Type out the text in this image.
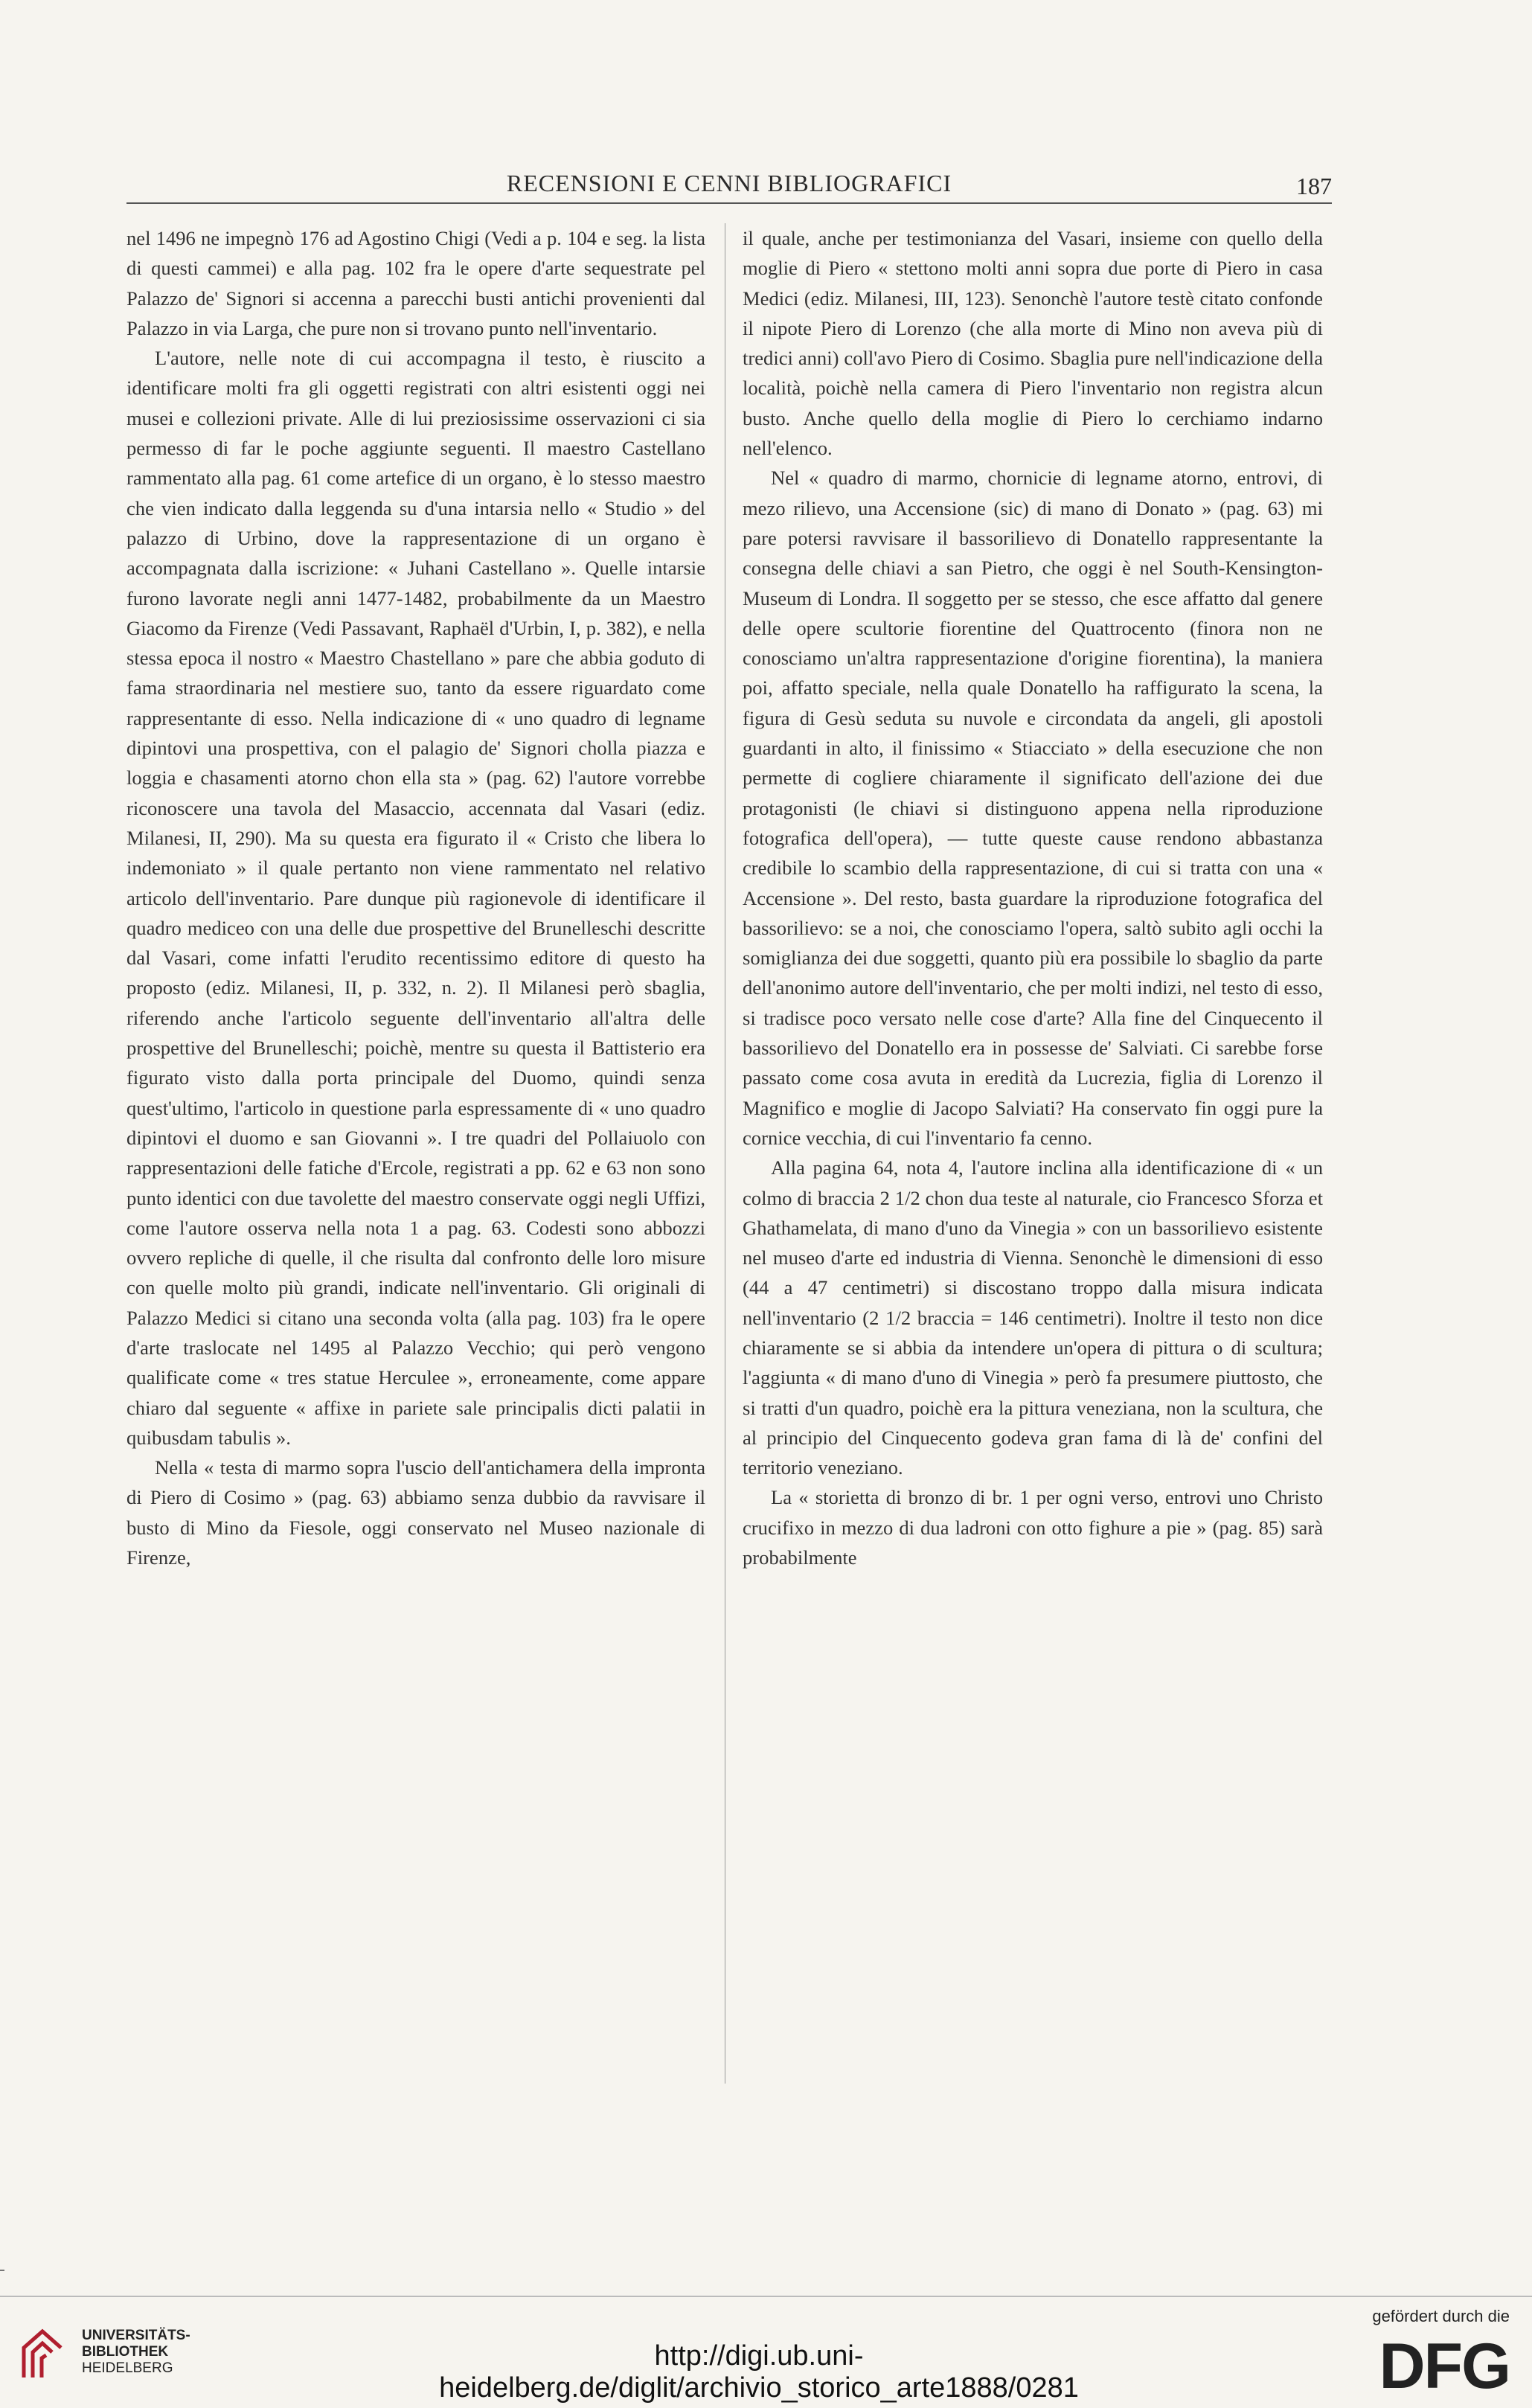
RECENSIONI E CENNI BIBLIOGRAFICI	187

nel 1496 ne impegnò 176 ad Agostino Chigi (Vedi a p. 104 e seg. la lista di questi cammei) e alla pag. 102 fra le opere d'arte sequestrate pel Palazzo de' Signori si accenna a parecchi busti antichi provenienti dal Palazzo in via Larga, che pure non si trovano punto nell'inventario.

L'autore, nelle note di cui accompagna il testo, è riuscito a identificare molti fra gli oggetti registrati con altri esistenti oggi nei musei e collezioni private. Alle di lui preziosissime osservazioni ci sia permesso di far le poche aggiunte seguenti. Il maestro Castellano rammentato alla pag. 61 come artefice di un organo, è lo stesso maestro che vien indicato dalla leggenda su d'una intarsia nello « Studio » del palazzo di Urbino, dove la rappresentazione di un organo è accompagnata dalla iscrizione: « Juhani Castellano ». Quelle intarsie furono lavorate negli anni 1477-1482, probabilmente da un Maestro Giacomo da Firenze (Vedi Passavant, Raphaël d'Urbin, I, p. 382), e nella stessa epoca il nostro « Maestro Chastellano » pare che abbia goduto di fama straordinaria nel mestiere suo, tanto da essere riguardato come rappresentante di esso. Nella indicazione di « uno quadro di legname dipintovi una prospettiva, con el palagio de' Signori cholla piazza e loggia e chasamenti atorno chon ella sta » (pag. 62) l'autore vorrebbe riconoscere una tavola del Masaccio, accennata dal Vasari (ediz. Milanesi, II, 290). Ma su questa era figurato il « Cristo che libera lo indemoniato » il quale pertanto non viene rammentato nel relativo articolo dell'inventario. Pare dunque più ragionevole di identificare il quadro mediceo con una delle due prospettive del Brunelleschi descritte dal Vasari, come infatti l'erudito recentissimo editore di questo ha proposto (ediz. Milanesi, II, p. 332, n. 2). Il Milanesi però sbaglia, riferendo anche l'articolo seguente dell'inventario all'altra delle prospettive del Brunelleschi; poichè, mentre su questa il Battisterio era figurato visto dalla porta principale del Duomo, quindi senza quest'ultimo, l'articolo in questione parla espressamente di « uno quadro dipintovi el duomo e san Giovanni ». I tre quadri del Pollaiuolo con rappresentazioni delle fatiche d'Ercole, registrati a pp. 62 e 63 non sono punto identici con due tavolette del maestro conservate oggi negli Uffizi, come l'autore osserva nella nota 1 a pag. 63. Codesti sono abbozzi ovvero repliche di quelle, il che risulta dal confronto delle loro misure con quelle molto più grandi, indicate nell'inventario. Gli originali di Palazzo Medici si citano una seconda volta (alla pag. 103) fra le opere d'arte traslocate nel 1495 al Palazzo Vecchio; qui però vengono qualificate come « tres statue Herculee », erroneamente, come appare chiaro dal seguente « affixe in pariete sale principalis dicti palatii in quibusdam tabulis ».

Nella « testa di marmo sopra l'uscio dell'antichamera della impronta di Piero di Cosimo » (pag. 63) abbiamo senza dubbio da ravvisare il busto di Mino da Fiesole, oggi conservato nel Museo nazionale di Firenze,

il quale, anche per testimonianza del Vasari, insieme con quello della moglie di Piero « stettono molti anni sopra due porte di Piero in casa Medici (ediz. Milanesi, III, 123). Senonchè l'autore testè citato confonde il nipote Piero di Lorenzo (che alla morte di Mino non aveva più di tredici anni) coll'avo Piero di Cosimo. Sbaglia pure nell'indicazione della località, poichè nella camera di Piero l'inventario non registra alcun busto. Anche quello della moglie di Piero lo cerchiamo indarno nell'elenco.

Nel « quadro di marmo, chornicie di legname atorno, entrovi, di mezo rilievo, una Accensione (sic) di mano di Donato » (pag. 63) mi pare potersi ravvisare il bassorilievo di Donatello rappresentante la consegna delle chiavi a san Pietro, che oggi è nel South-Kensington-Museum di Londra. Il soggetto per se stesso, che esce affatto dal genere delle opere scultorie fiorentine del Quattrocento (finora non ne conosciamo un'altra rappresentazione d'origine fiorentina), la maniera poi, affatto speciale, nella quale Donatello ha raffigurato la scena, la figura di Gesù seduta su nuvole e circondata da angeli, gli apostoli guardanti in alto, il finissimo « Stiacciato » della esecuzione che non permette di cogliere chiaramente il significato dell'azione dei due protagonisti (le chiavi si distinguono appena nella riproduzione fotografica dell'opera), — tutte queste cause rendono abbastanza credibile lo scambio della rappresentazione, di cui si tratta con una « Accensione ». Del resto, basta guardare la riproduzione fotografica del bassorilievo: se a noi, che conosciamo l'opera, saltò subito agli occhi la somiglianza dei due soggetti, quanto più era possibile lo sbaglio da parte dell'anonimo autore dell'inventario, che per molti indizi, nel testo di esso, si tradisce poco versato nelle cose d'arte? Alla fine del Cinquecento il bassorilievo del Donatello era in possesse de' Salviati. Ci sarebbe forse passato come cosa avuta in eredità da Lucrezia, figlia di Lorenzo il Magnifico e moglie di Jacopo Salviati? Ha conservato fin oggi pure la cornice vecchia, di cui l'inventario fa cenno.

Alla pagina 64, nota 4, l'autore inclina alla identificazione di « un colmo di braccia 2 1/2 chon dua teste al naturale, cio Francesco Sforza et Ghathamelata, di mano d'uno da Vinegia » con un bassorilievo esistente nel museo d'arte ed industria di Vienna. Senonchè le dimensioni di esso (44 a 47 centimetri) si discostano troppo dalla misura indicata nell'inventario (2 1/2 braccia = 146 centimetri). Inoltre il testo non dice chiaramente se si abbia da intendere un'opera di pittura o di scultura; l'aggiunta « di mano d'uno di Vinegia » però fa presumere piuttosto, che si tratti d'un quadro, poichè era la pittura veneziana, non la scultura, che al principio del Cinquecento godeva gran fama di là de' confini del territorio veneziano.

La « storietta di bronzo di br. 1 per ogni verso, entrovi uno Christo crucifixo in mezzo di dua ladroni con otto fighure a pie » (pag. 85) sarà probabilmente

UNIVERSITÄTS-
BIBLIOTHEK
HEIDELBERG	http://digi.ub.uni-heidelberg.de/diglit/archivio_storico_arte1888/0281
gefördert durch die
DFG
